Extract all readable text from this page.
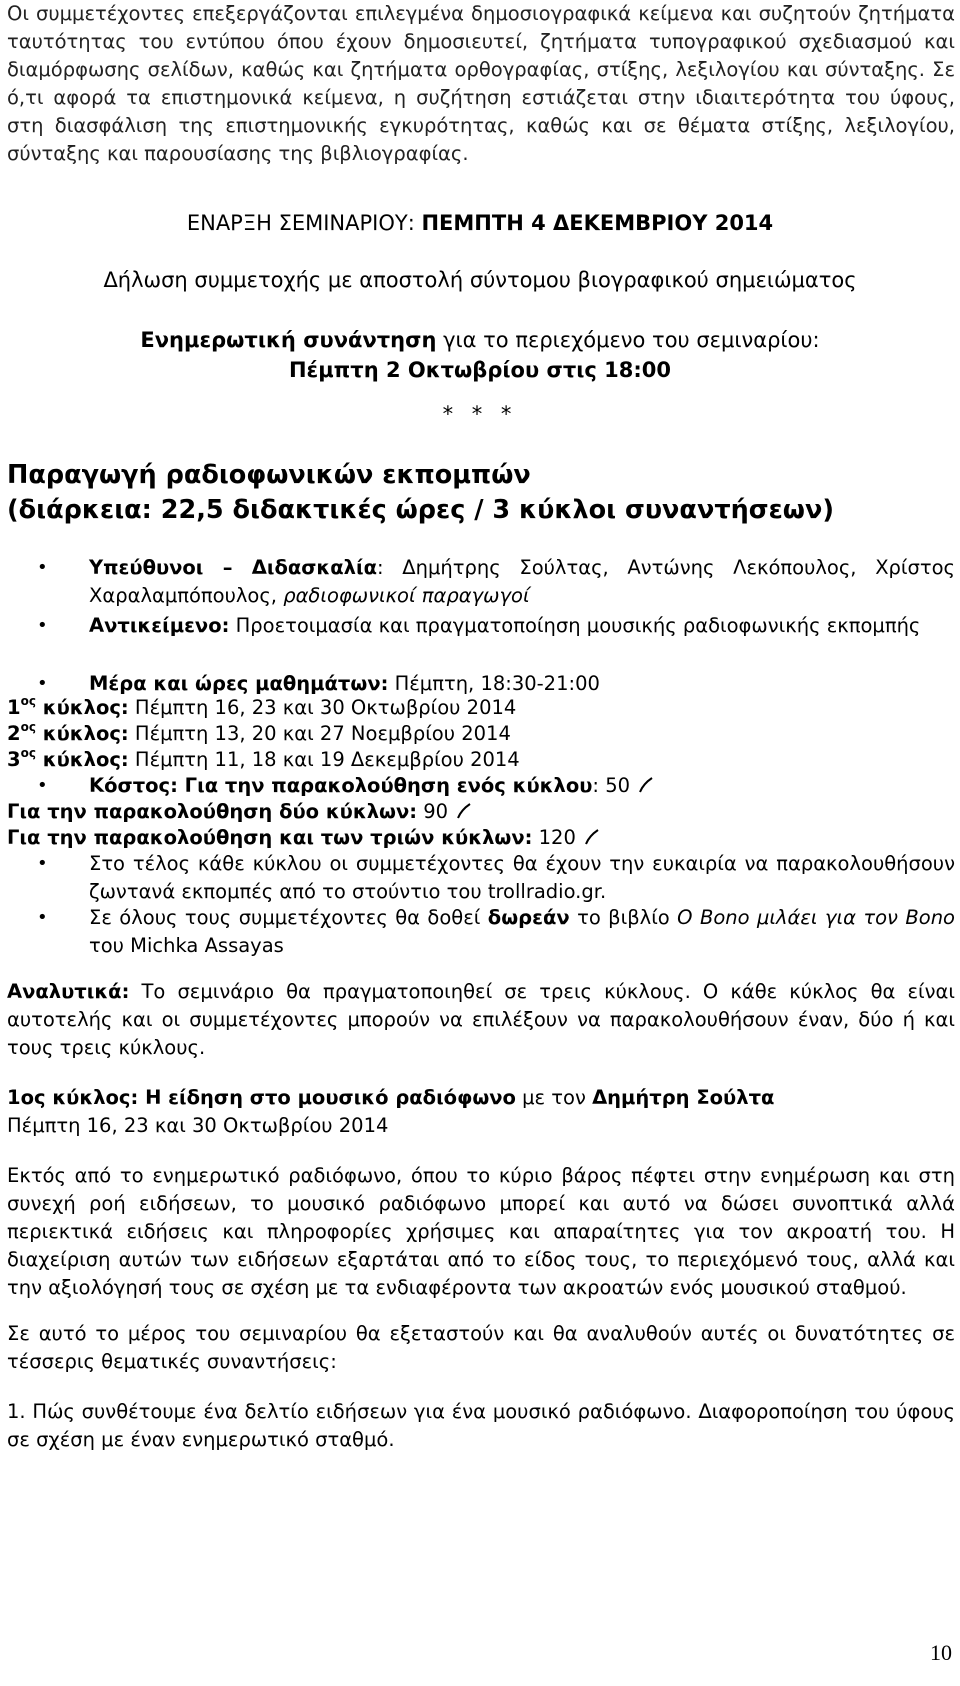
Οι συμμετέχοντες επεξεργάζονται επιλεγμένα δημοσιογραφικά κείμενα και συζητούν ζητήματα ταυτότητας του εντύπου όπου έχουν δημοσιευτεί, ζητήματα τυπογραφικού σχεδιασμού και διαμόρφωσης σελίδων, καθώς και ζητήματα ορθογραφίας, στίξης, λεξιλογίου και σύνταξης. Σε ό,τι αφορά τα επιστημονικά κείμενα, η συζήτηση εστιάζεται στην ιδιαιτερότητα του ύφους, στη διασφάλιση της επιστημονικής εγκυρότητας, καθώς και σε θέματα στίξης, λεξιλογίου, σύνταξης και παρουσίασης της βιβλιογραφίας.

ΕΝΑΡΞΗ ΣΕΜΙΝΑΡΙΟΥ: ΠΕΜΠΤΗ 4 ΔΕΚΕΜΒΡΙΟΥ 2014
Δήλωση συμμετοχής με αποστολή σύντομου βιογραφικού σημειώματος
Ενημερωτική συνάντηση για το περιεχόμενο του σεμιναρίου:
Πέμπτη 2 Οκτωβρίου στις 18:00
* * *
Παραγωγή ραδιοφωνικών εκπομπών
(διάρκεια: 22,5 διδακτικές ώρες / 3 κύκλοι συναντήσεων)
• Υπεύθυνοι – Διδασκαλία: Δημήτρης Σούλτας, Αντώνης Λεκόπουλος, Χρίστος Χαραλαμπόπουλος, ραδιοφωνικοί παραγωγοί
• Αντικείμενο: Προετοιμασία και πραγματοποίηση μουσικής ραδιοφωνικής εκπομπής
• Μέρα και ώρες μαθημάτων: Πέμπτη, 18:30-21:00
$1^{o\varsigma}$ κύκλος: Πέμπτη 16, 23 και 30 Οκτωβρίου 2014
$2^{o\varsigma}$ κύκλος: Πέμπτη 13, 20 και 27 Νοεμβρίου 2014
$3^{o\varsigma}$ κύκλος: Πέμπτη 11, 18 και 19 Δεκεμβρίου 2014
• Κόστος: Για την παρακολούθηση ενός κύκλου: 50
Για την παρακολούθηση δύο κύκλων: 90
Για την παρακολούθηση και των τριών κύκλων: 120
• Στο τέλος κάθε κύκλου οι συμμετέχοντες θα έχουν την ευκαιρία να παρακολουθήσουν ζωντανά εκπομπές από το στούντιο του trollradio.gr.
• Σε όλους τους συμμετέχοντες θα δοθεί δωρεάν το βιβλίο O Bono μιλάει για τον Bono του Michka Assayas

Αναλυτικά: Το σεμινάριο θα πραγματοποιηθεί σε τρεις κύκλους. Ο κάθε κύκλος θα είναι αυτοτελής και οι συμμετέχοντες μπορούν να επιλέξουν να παρακολουθήσουν έναν, δύο ή και τους τρεις κύκλους.

1ος κύκλος: Η είδηση στο μουσικό ραδιόφωνο με τον Δημήτρη Σούλτα

Πέμπτη 16, 23 και 30 Οκτωβρίου 2014

Εκτός από το ενημερωτικό ραδιόφωνο, όπου το κύριο βάρος πέφτει στην ενημέρωση και στη συνεχή ροή ειδήσεων, το μουσικό ραδιόφωνο μπορεί και αυτό να δώσει συνοπτικά αλλά περιεκτικά ειδήσεις και πληροφορίες χρήσιμες και απαραίτητες για τον ακροατή του. Η διαχείριση αυτών των ειδήσεων εξαρτάται από το είδος τους, το περιεχόμενό τους, αλλά και την αξιολόγησή τους σε σχέση με τα ενδιαφέροντα των ακροατών ενός μουσικού σταθμού.

Σε αυτό το μέρος του σεμιναρίου θα εξεταστούν και θα αναλυθούν αυτές οι δυνατότητες σε τέσσερις θεματικές συναντήσεις:

1. Πώς συνθέτουμε ένα δελτίο ειδήσεων για ένα μουσικό ραδιόφωνο. Διαφοροποίηση του ύφους σε σχέση με έναν ενημερωτικό σταθμό.

10
